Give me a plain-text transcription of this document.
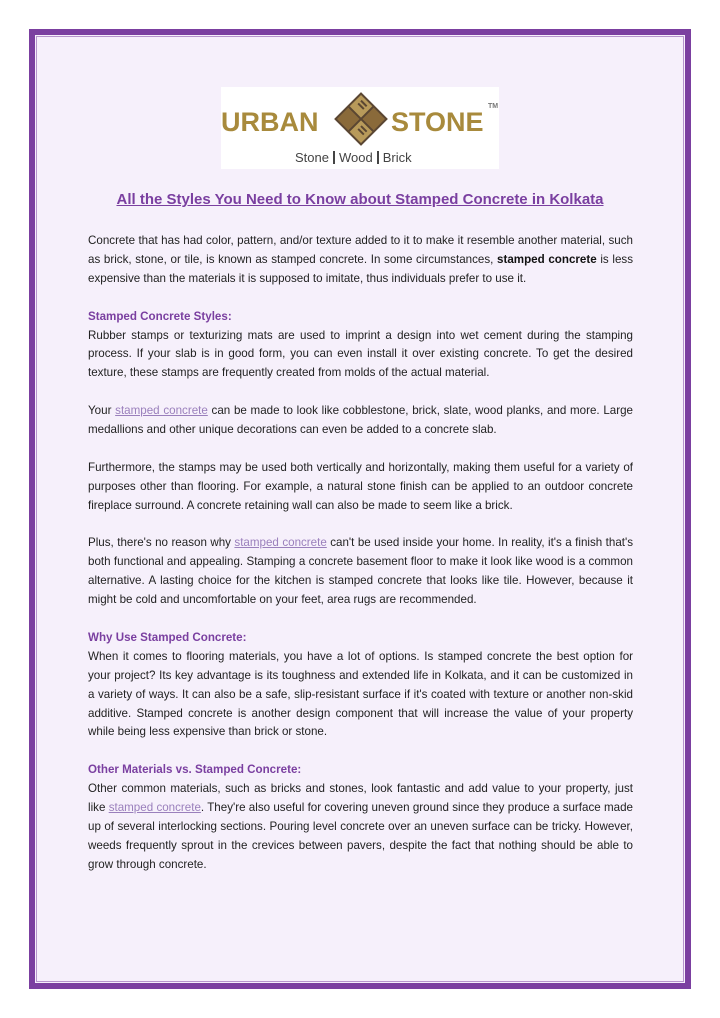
URBAN	STONE
TM
Stone Wood Brick
All the Styles You Need to Know about Stamped Concrete in Kolkata

Concrete that has had color, pattern, and/or texture added to it to make it resemble another material, such as brick, stone, or tile, is known as stamped concrete. In some circumstances, stamped concrete is less expensive than the materials it is supposed to imitate, thus individuals prefer to use it.

Stamped Concrete Styles:
Rubber stamps or texturizing mats are used to imprint a design into wet cement during the stamping process. If your slab is in good form, you can even install it over existing concrete. To get the desired texture, these stamps are frequently created from molds of the actual material.

Your stamped concrete can be made to look like cobblestone, brick, slate, wood planks, and more. Large medallions and other unique decorations can even be added to a concrete slab.

Furthermore, the stamps may be used both vertically and horizontally, making them useful for a variety of purposes other than flooring. For example, a natural stone finish can be applied to an outdoor concrete fireplace surround. A concrete retaining wall can also be made to seem like a brick.

Plus, there's no reason why stamped concrete can't be used inside your home. In reality, it's a finish that's both functional and appealing. Stamping a concrete basement floor to make it look like wood is a common alternative. A lasting choice for the kitchen is stamped concrete that looks like tile. However, because it might be cold and uncomfortable on your feet, area rugs are recommended.

Why Use Stamped Concrete:
When it comes to flooring materials, you have a lot of options. Is stamped concrete the best option for your project? Its key advantage is its toughness and extended life in Kolkata, and it can be customized in a variety of ways. It can also be a safe, slip-resistant surface if it's coated with texture or another non-skid additive. Stamped concrete is another design component that will increase the value of your property while being less expensive than brick or stone.

Other Materials vs. Stamped Concrete:
Other common materials, such as bricks and stones, look fantastic and add value to your property, just like stamped concrete. They're also useful for covering uneven ground since they produce a surface made up of several interlocking sections. Pouring level concrete over an uneven surface can be tricky. However, weeds frequently sprout in the crevices between pavers, despite the fact that nothing should be able to grow through concrete.
